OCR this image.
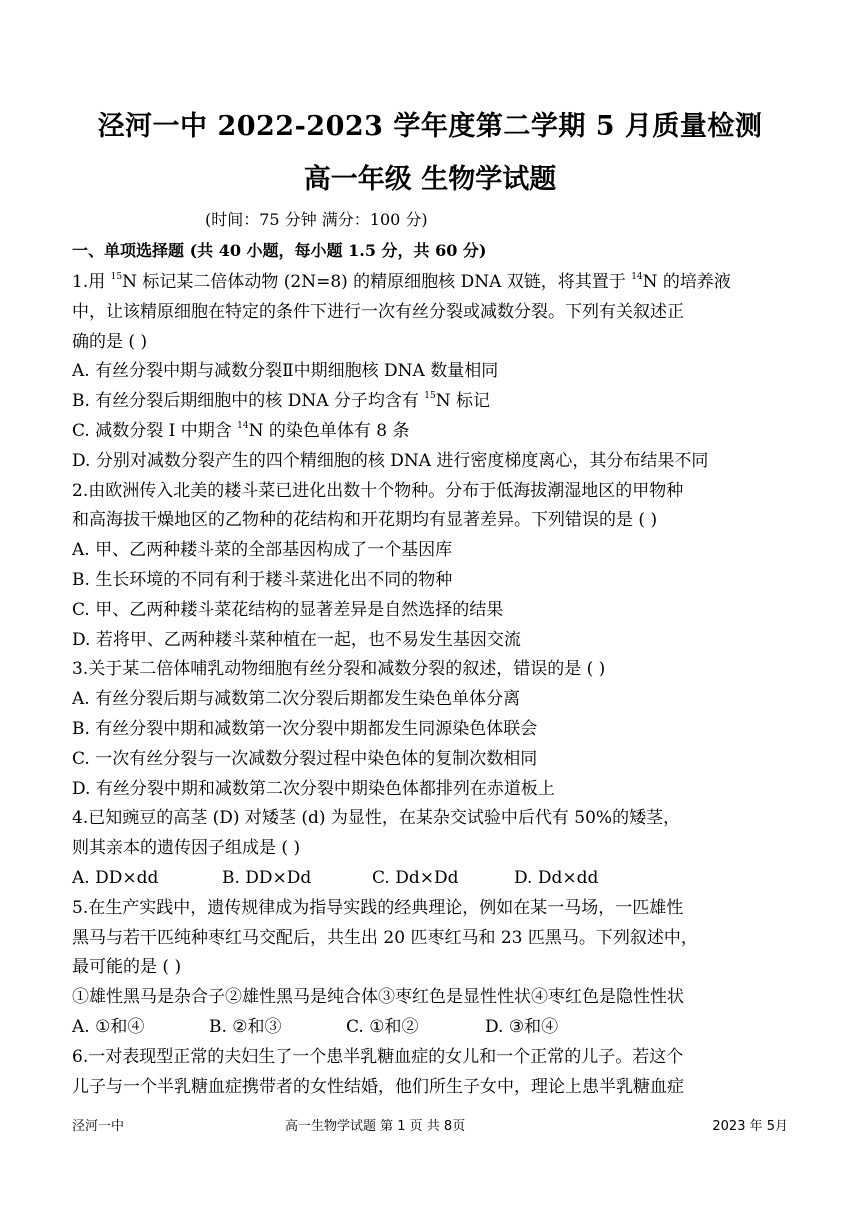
泾河一中 2022-2023 学年度第二学期 5 月质量检测
高一年级 生物学试题
(时间：75 分钟 满分：100 分)
一、单项选择题 (共 40 小题，每小题 1.5 分，共 60 分)
1.用 $^{15}$N 标记某二倍体动物 (2N=8) 的精原细胞核 DNA 双链，将其置于 $^{14}$N 的培养液
中，让该精原细胞在特定的条件下进行一次有丝分裂或减数分裂。下列有关叙述正
确的是 ( )
A. 有丝分裂中期与减数分裂Ⅱ中期细胞核 DNA 数量相同
B. 有丝分裂后期细胞中的核 DNA 分子均含有 $^{15}$N 标记
C. 减数分裂 I 中期含 $^{14}$N 的染色单体有 8 条
D. 分别对减数分裂产生的四个精细胞的核 DNA 进行密度梯度离心，其分布结果不同
2.由欧洲传入北美的耧斗菜已进化出数十个物种。分布于低海拔潮湿地区的甲物种
和高海拔干燥地区的乙物种的花结构和开花期均有显著差异。下列错误的是 ( )
A. 甲、乙两种耧斗菜的全部基因构成了一个基因库
B. 生长环境的不同有利于耧斗菜进化出不同的物种
C. 甲、乙两种耧斗菜花结构的显著差异是自然选择的结果
D. 若将甲、乙两种耧斗菜种植在一起，也不易发生基因交流
3.关于某二倍体哺乳动物细胞有丝分裂和减数分裂的叙述，错误的是 ( )
A. 有丝分裂后期与减数第二次分裂后期都发生染色单体分离
B. 有丝分裂中期和减数第一次分裂中期都发生同源染色体联会
C. 一次有丝分裂与一次减数分裂过程中染色体的复制次数相同
D. 有丝分裂中期和减数第二次分裂中期染色体都排列在赤道板上
4.已知豌豆的高茎 (D) 对矮茎 (d) 为显性，在某杂交试验中后代有 50%的矮茎，
则其亲本的遗传因子组成是 ( )
A. DD×dd	B. DD×Dd	C. Dd×Dd	D. Dd×dd
5.在生产实践中，遗传规律成为指导实践的经典理论，例如在某一马场，一匹雄性
黑马与若干匹纯种枣红马交配后，共生出 20 匹枣红马和 23 匹黑马。下列叙述中，
最可能的是 ( )
①雄性黑马是杂合子②雄性黑马是纯合体③枣红色是显性性状④枣红色是隐性性状
A. ①和④	B. ②和③	C. ①和②	D. ③和④
6.一对表现型正常的夫妇生了一个患半乳糖血症的女儿和一个正常的儿子。若这个
儿子与一个半乳糖血症携带者的女性结婚，他们所生子女中，理论上患半乳糖血症
泾河一中	高一生物学试题 第 1 页 共 8页	2023 年 5月
